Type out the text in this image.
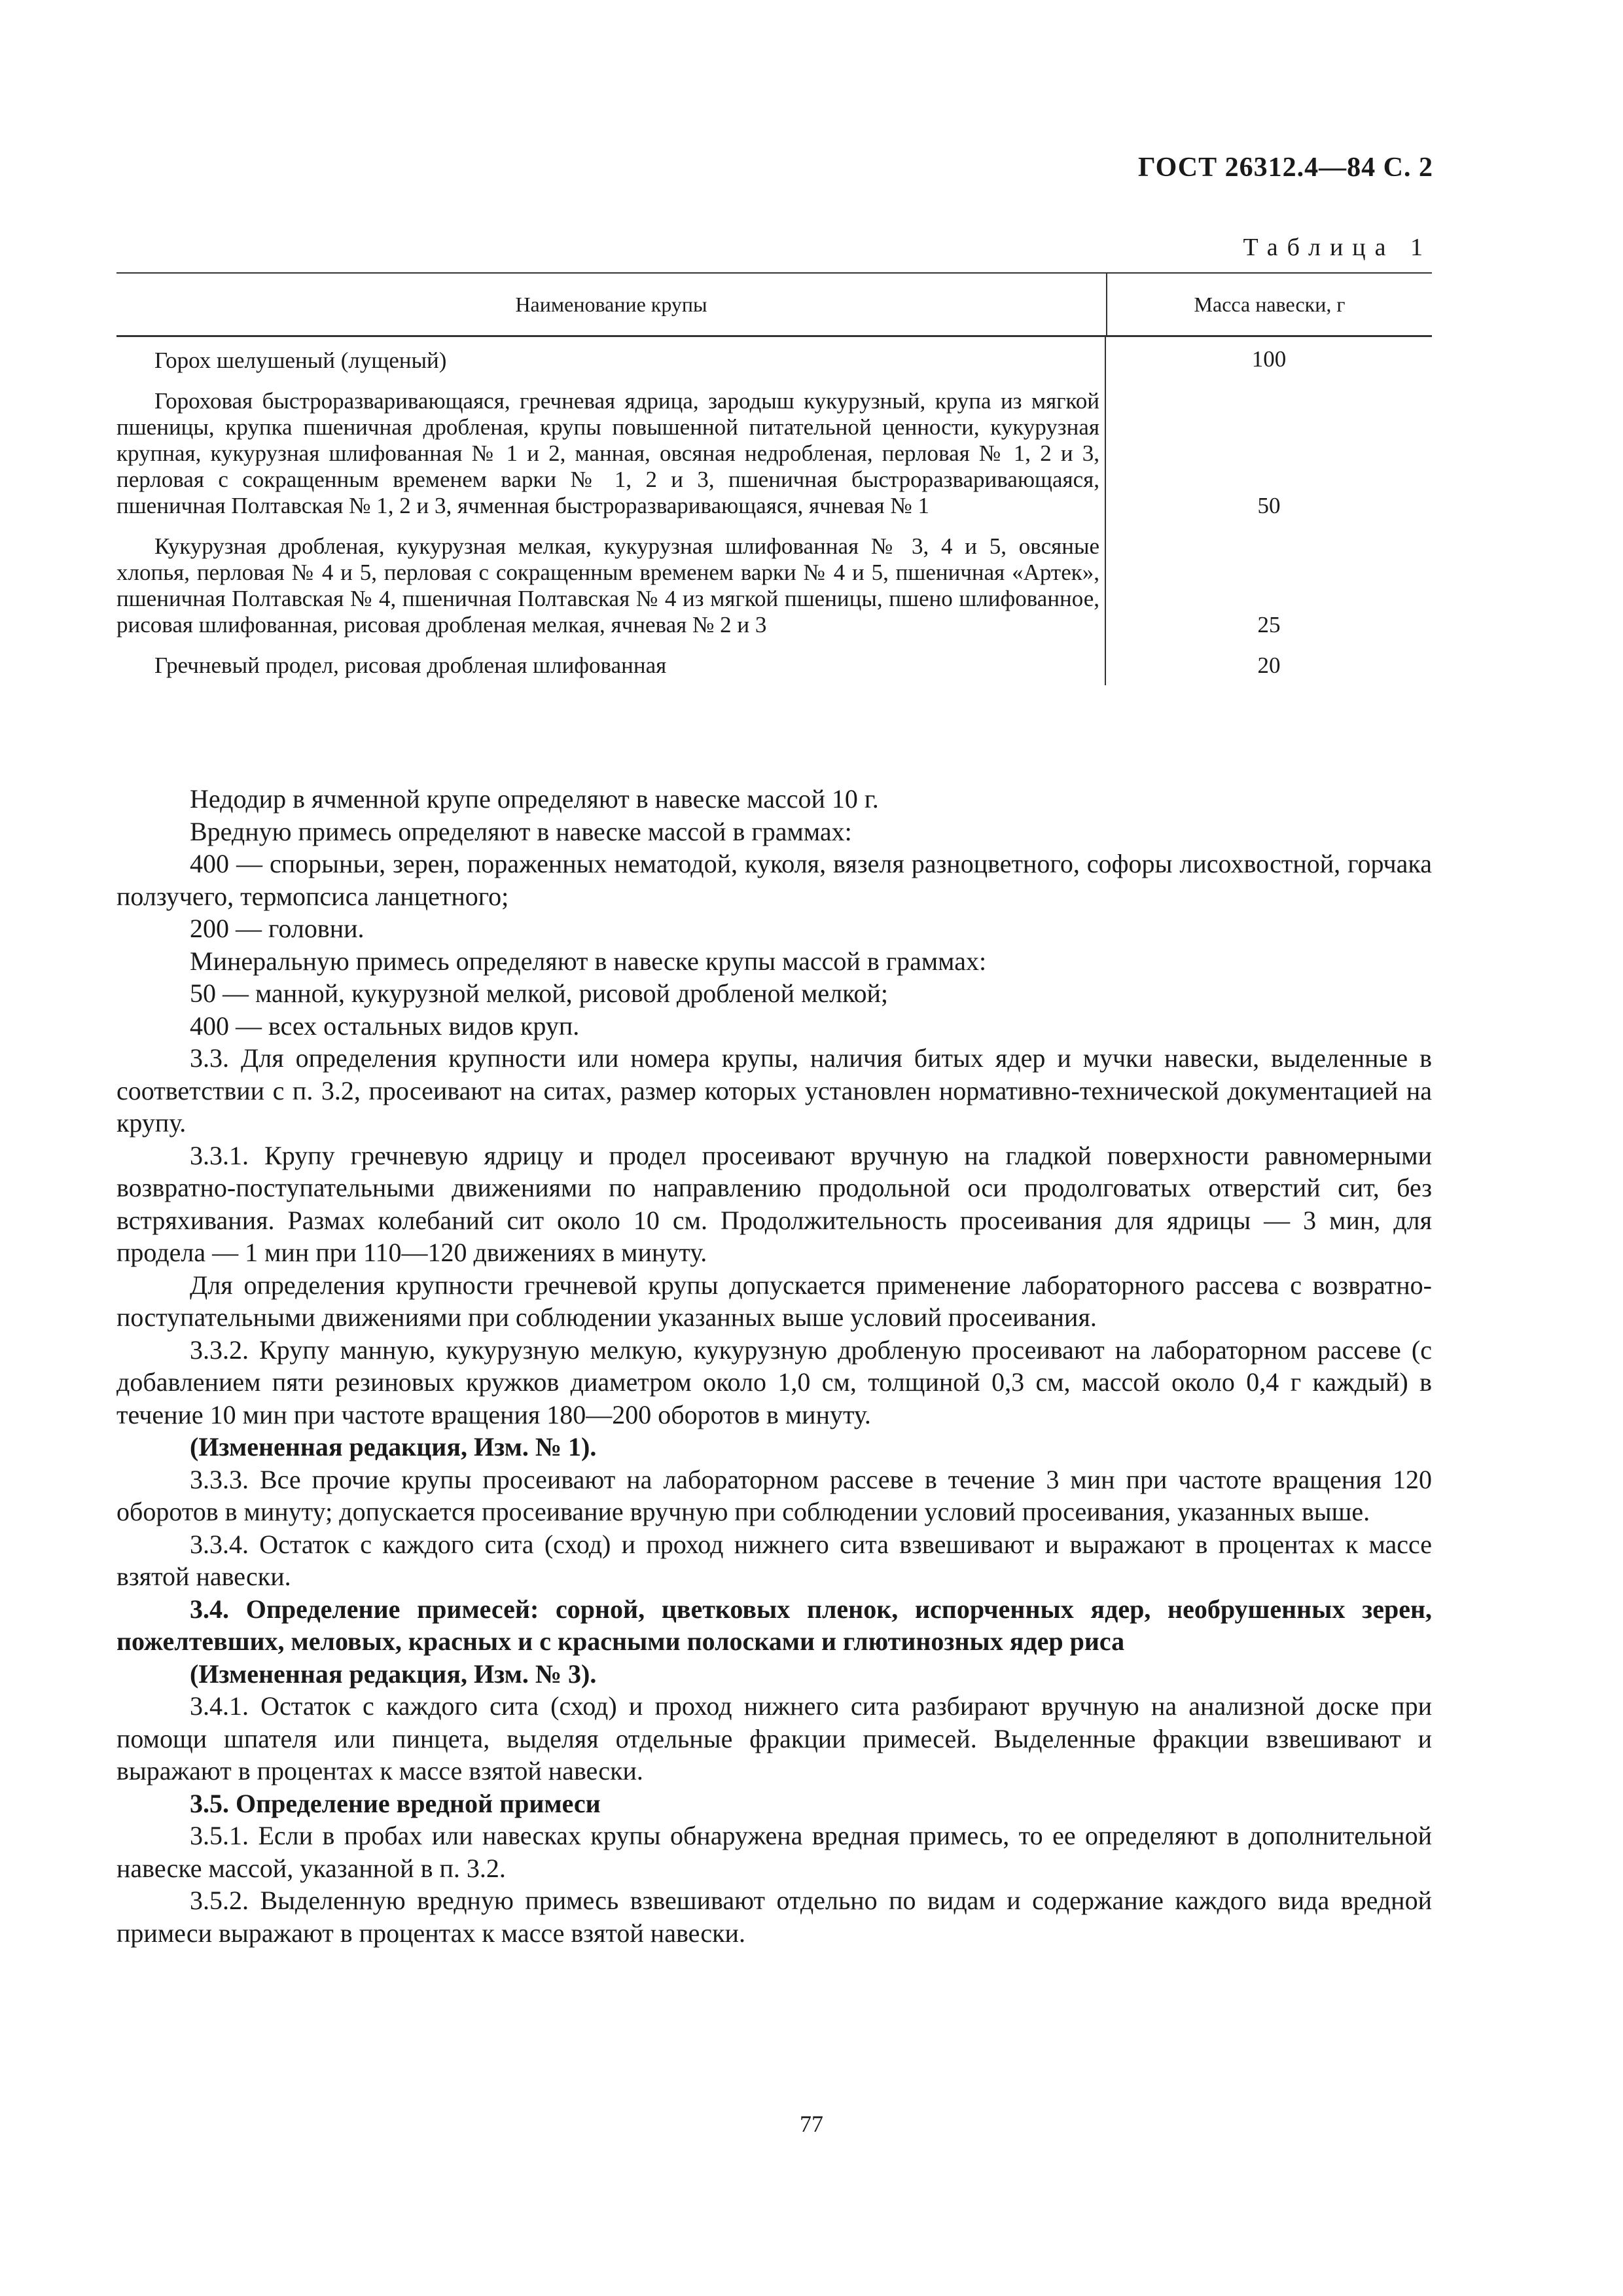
ГОСТ 26312.4—84 С. 2
Таблица 1
Наименование крупы	Масса навески, г
Горох шелушеный (лущеный)	100
Гороховая быстроразваривающаяся, гречневая ядрица, зародыш кукурузный, крупа из мягкой пшеницы, крупка пшеничная дробленая, крупы повышенной питательной ценности, кукурузная крупная, кукурузная шлифованная № 1 и 2, манная, овсяная недробленая, перловая № 1, 2 и 3, перловая с сокращенным временем варки № 1, 2 и 3, пшеничная быстроразваривающаяся, пшеничная Полтавская № 1, 2 и 3, ячменная быстроразваривающаяся, ячневая № 1	50
Кукурузная дробленая, кукурузная мелкая, кукурузная шлифованная № 3, 4 и 5, овсяные хлопья, перловая № 4 и 5, перловая с сокращенным временем варки № 4 и 5, пшеничная «Артек», пшеничная Полтавская № 4, пшеничная Полтавская № 4 из мягкой пшеницы, пшено шлифованное, рисовая шлифованная, рисовая дробленая мелкая, ячневая № 2 и 3	25
Гречневый продел, рисовая дробленая шлифованная	20

Недодир в ячменной крупе определяют в навеске массой 10 г.

Вредную примесь определяют в навеске массой в граммах:

400 — спорыньи, зерен, пораженных нематодой, куколя, вязеля разноцветного, софоры лисохвостной, горчака ползучего, термопсиса ланцетного;

200 — головни.

Минеральную примесь определяют в навеске крупы массой в граммах:

50 — манной, кукурузной мелкой, рисовой дробленой мелкой;

400 — всех остальных видов круп.

3.3. Для определения крупности или номера крупы, наличия битых ядер и мучки навески, выделенные в соответствии с п. 3.2, просеивают на ситах, размер которых установлен нормативно-технической документацией на крупу.

3.3.1. Крупу гречневую ядрицу и продел просеивают вручную на гладкой поверхности равномерными возвратно-поступательными движениями по направлению продольной оси продолговатых отверстий сит, без встряхивания. Размах колебаний сит около 10 см. Продолжительность просеивания для ядрицы — 3 мин, для продела — 1 мин при 110—120 движениях в минуту.

Для определения крупности гречневой крупы допускается применение лабораторного рассева с возвратно-поступательными движениями при соблюдении указанных выше условий просеивания.

3.3.2. Крупу манную, кукурузную мелкую, кукурузную дробленую просеивают на лабораторном рассеве (с добавлением пяти резиновых кружков диаметром около 1,0 см, толщиной 0,3 см, массой около 0,4 г каждый) в течение 10 мин при частоте вращения 180—200 оборотов в минуту.

(Измененная редакция, Изм. № 1).

3.3.3. Все прочие крупы просеивают на лабораторном рассеве в течение 3 мин при частоте вращения 120 оборотов в минуту; допускается просеивание вручную при соблюдении условий просеивания, указанных выше.

3.3.4. Остаток с каждого сита (сход) и проход нижнего сита взвешивают и выражают в процентах к массе взятой навески.

3.4. Определение примесей: сорной, цветковых пленок, испорченных ядер, необрушенных зерен, пожелтевших, меловых, красных и с красными полосками и глютинозных ядер риса

(Измененная редакция, Изм. № 3).

3.4.1. Остаток с каждого сита (сход) и проход нижнего сита разбирают вручную на анализной доске при помощи шпателя или пинцета, выделяя отдельные фракции примесей. Выделенные фракции взвешивают и выражают в процентах к массе взятой навески.

3.5. Определение вредной примеси

3.5.1. Если в пробах или навесках крупы обнаружена вредная примесь, то ее определяют в дополнительной навеске массой, указанной в п. 3.2.

3.5.2. Выделенную вредную примесь взвешивают отдельно по видам и содержание каждого вида вредной примеси выражают в процентах к массе взятой навески.

77
